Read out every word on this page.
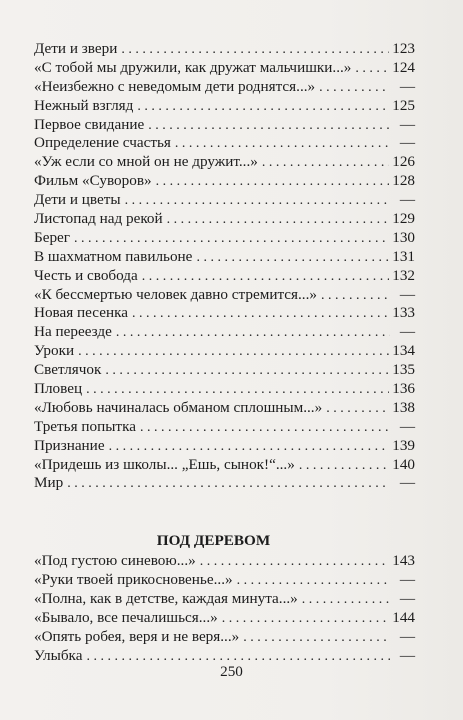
Дети и звери . . .	123
«С тобой мы дружили, как дружат мальчишки...» . . .	124
«Неизбежно с неведомым дети роднятся...» . . .	—
Нежный взгляд . . .	125
Первое свидание . . .	—
Определение счастья . . .	—
«Уж если со мной он не дружит...» . . .	126
Фильм «Суворов» . . .	128
Дети и цветы . . .	—
Листопад над рекой . . .	129
Берег . . .	130
В шахматном павильоне . . .	131
Честь и свобода . . .	132
«К бессмертью человек давно стремится...» . . .	—
Новая песенка . . .	133
На переезде . . .	—
Уроки . . .	134
Светлячок . . .	135
Пловец . . .	136
«Любовь начиналась обманом сплошным...» . . .	138
Третья попытка . . .	—
Признание . . .	139
«Придешь из школы... „Ешь, сынок!“...» . . .	140
Мир . . .	—
ПОД ДЕРЕВОМ
«Под густою синевою...» . . .	143
«Руки твоей прикосновенье...» . . .	—
«Полна, как в детстве, каждая минута...» . . .	—
«Бывало, все печалишься...» . . .	144
«Опять робея, веря и не веря...» . . .	—
Улыбка . . .	—
250
